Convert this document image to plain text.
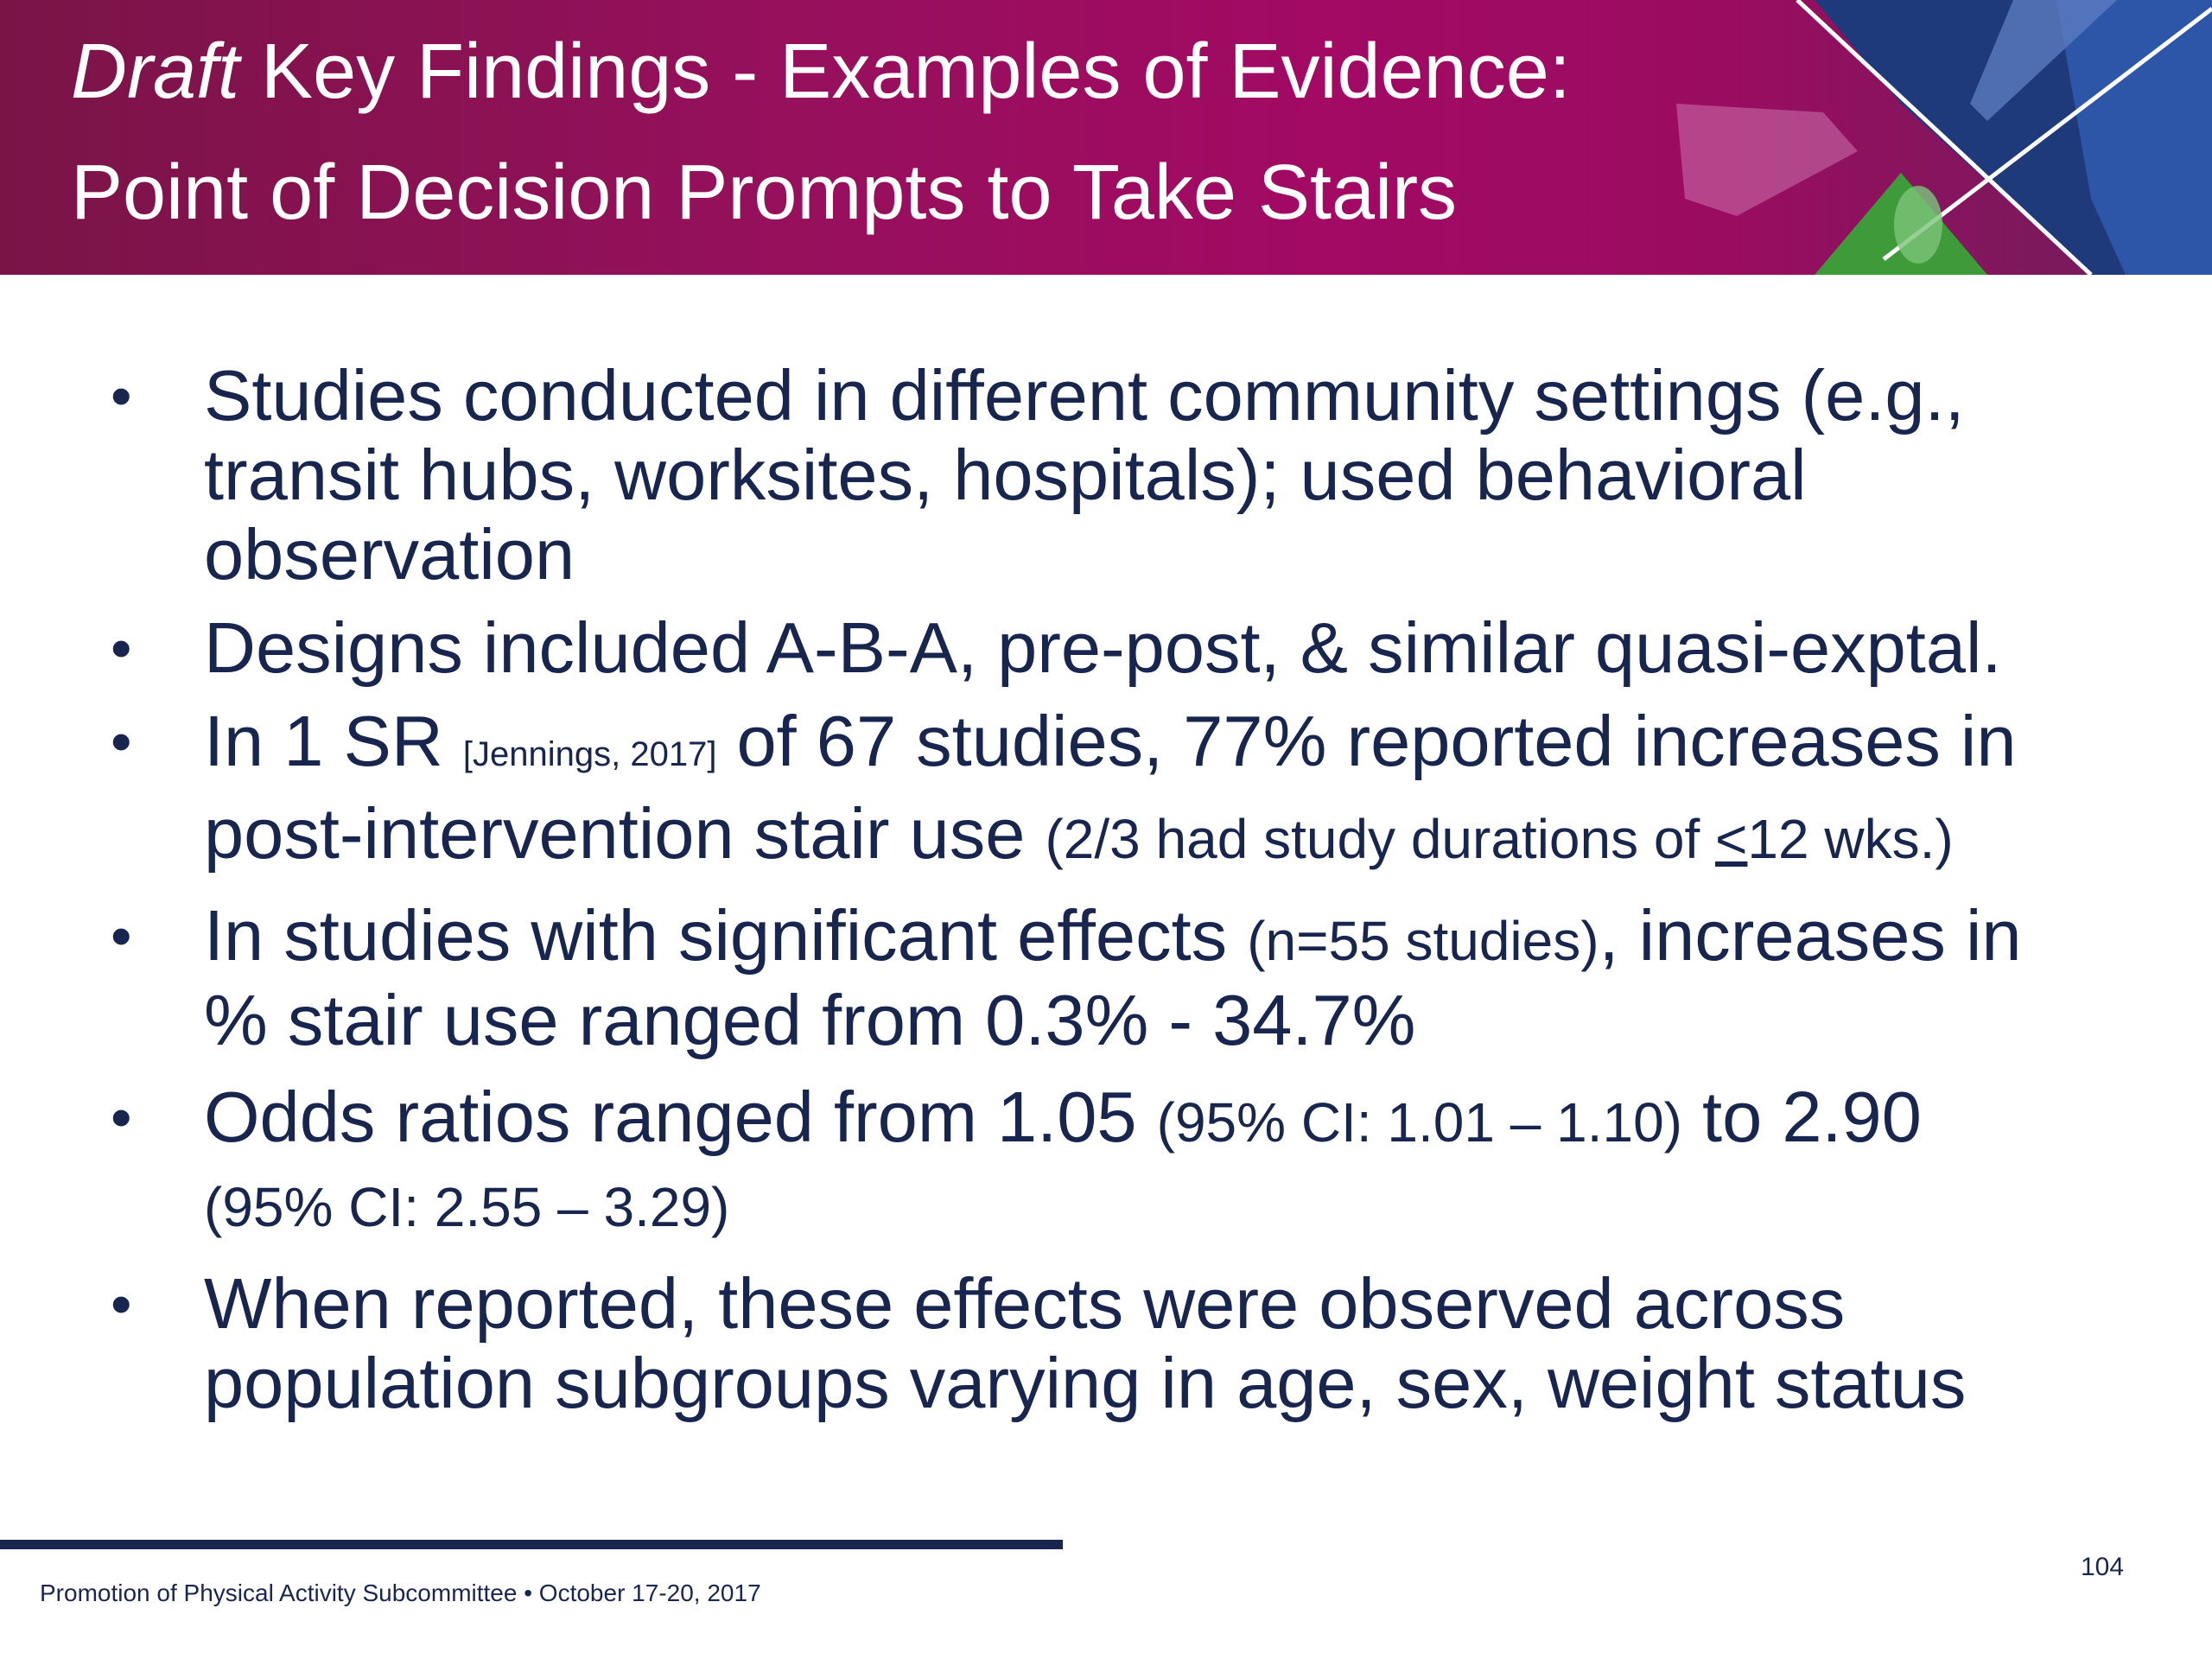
Draft Key Findings - Examples of Evidence:
Point of Decision Prompts to Take Stairs
• Studies conducted in different community settings (e.g., transit hubs, worksites, hospitals); used behavioral observation
• Designs included A-B-A, pre-post, & similar quasi-exptal.
• In 1 SR [Jennings, 2017] of 67 studies, 77% reported increases in post-intervention stair use (2/3 had study durations of ≤12 wks.)
• In studies with significant effects (n=55 studies), increases in % stair use ranged from 0.3% - 34.7%
• Odds ratios ranged from 1.05 (95% CI: 1.01 – 1.10) to 2.90
(95% CI: 2.55 – 3.29)
• When reported, these effects were observed across population subgroups varying in age, sex, weight status
Promotion of Physical Activity Subcommittee • October 17-20, 2017
104
